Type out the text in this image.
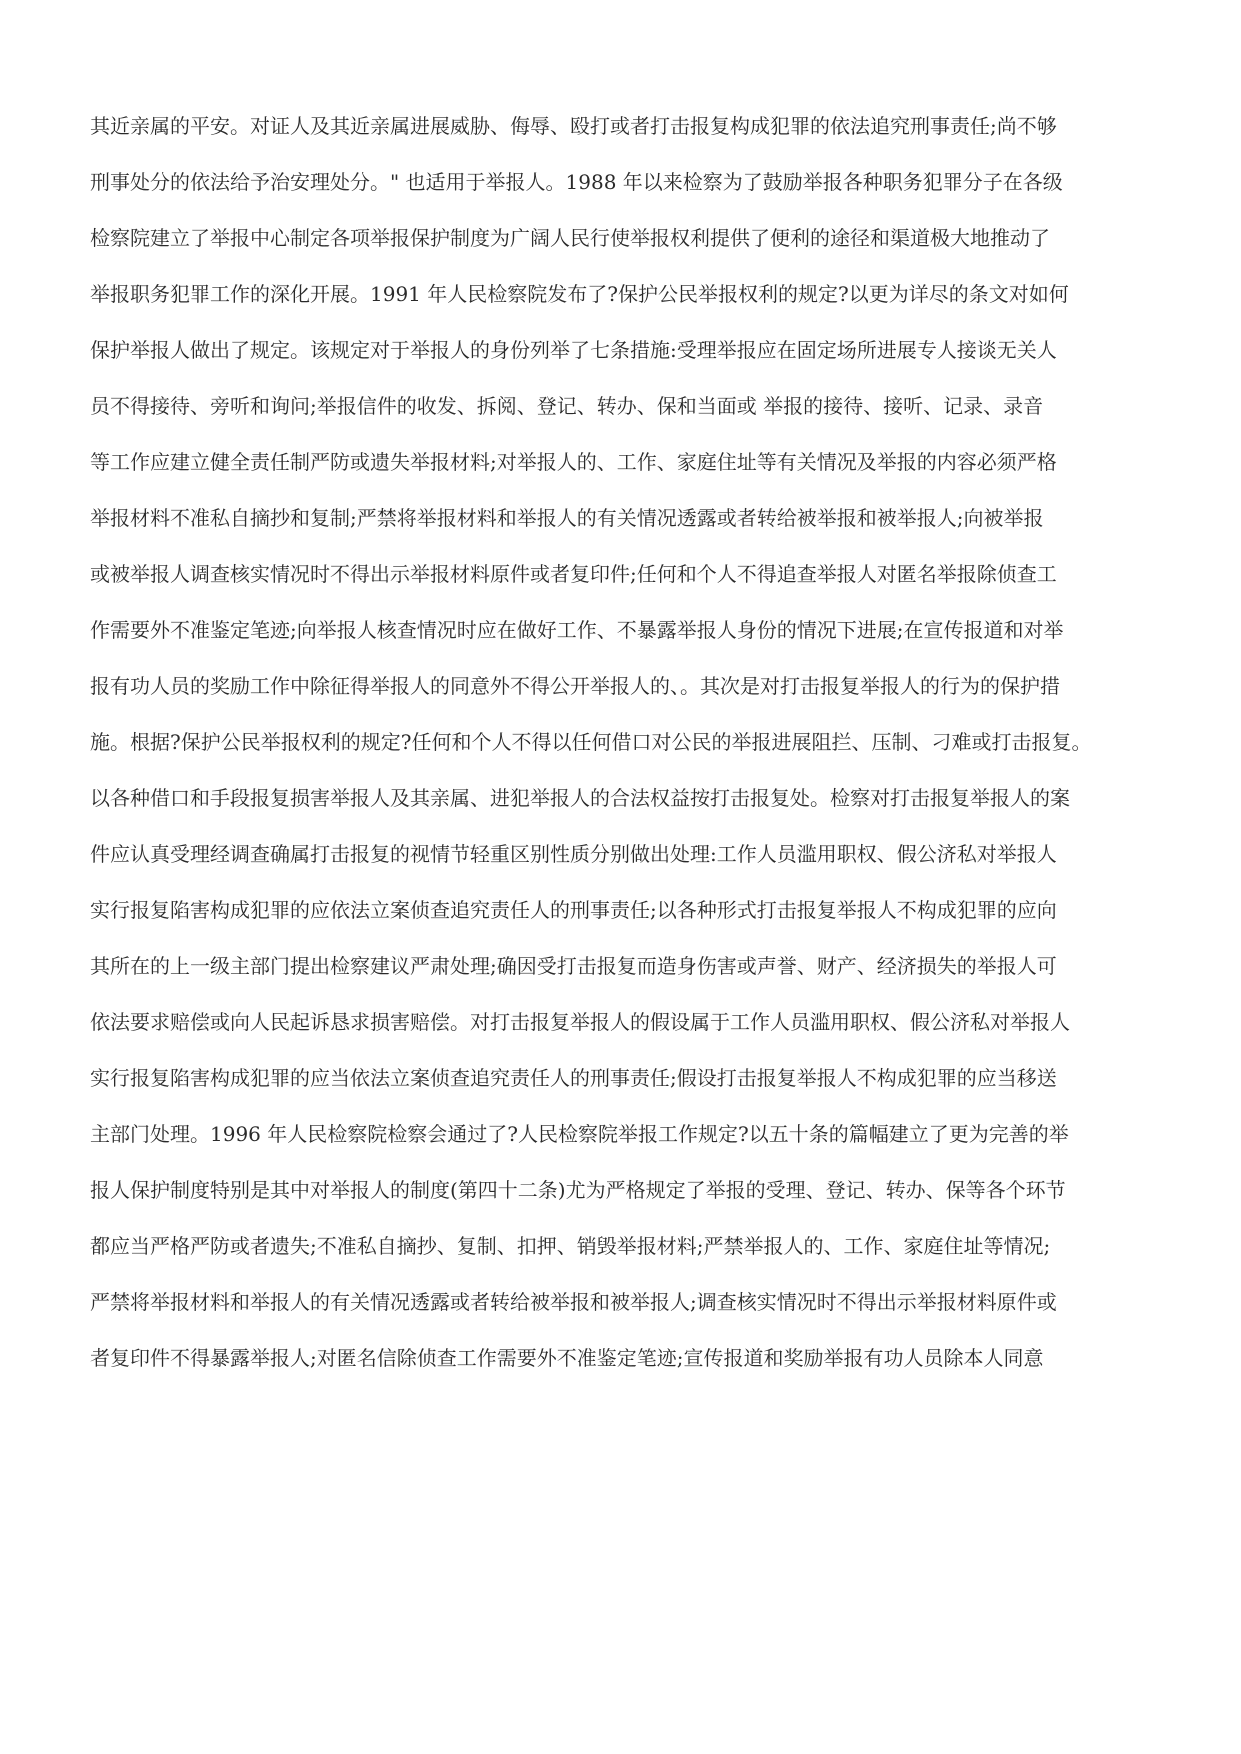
其近亲属的平安。对证人及其近亲属进展威胁、侮辱、殴打或者打击报复构成犯罪的依法追究刑事责任;尚不够

刑事处分的依法给予治安理处分。" 也适用于举报人。1988 年以来检察为了鼓励举报各种职务犯罪分子在各级

检察院建立了举报中心制定各项举报保护制度为广阔人民行使举报权利提供了便利的途径和渠道极大地推动了

举报职务犯罪工作的深化开展。1991 年人民检察院发布了?保护公民举报权利的规定?以更为详尽的条文对如何

保护举报人做出了规定。该规定对于举报人的身份列举了七条措施:受理举报应在固定场所进展专人接谈无关人

员不得接待、旁听和询问;举报信件的收发、拆阅、登记、转办、保和当面或 举报的接待、接听、记录、录音

等工作应建立健全责任制严防或遗失举报材料;对举报人的、工作、家庭住址等有关情况及举报的内容必须严格

举报材料不准私自摘抄和复制;严禁将举报材料和举报人的有关情况透露或者转给被举报和被举报人;向被举报

或被举报人调查核实情况时不得出示举报材料原件或者复印件;任何和个人不得追查举报人对匿名举报除侦查工

作需要外不准鉴定笔迹;向举报人核查情况时应在做好工作、不暴露举报人身份的情况下进展;在宣传报道和对举

报有功人员的奖励工作中除征得举报人的同意外不得公开举报人的、。其次是对打击报复举报人的行为的保护措

施。根据?保护公民举报权利的规定?任何和个人不得以任何借口对公民的举报进展阻拦、压制、刁难或打击报复。

以各种借口和手段报复损害举报人及其亲属、进犯举报人的合法权益按打击报复处。检察对打击报复举报人的案

件应认真受理经调查确属打击报复的视情节轻重区别性质分别做出处理:工作人员滥用职权、假公济私对举报人

实行报复陷害构成犯罪的应依法立案侦查追究责任人的刑事责任;以各种形式打击报复举报人不构成犯罪的应向

其所在的上一级主部门提出检察建议严肃处理;确因受打击报复而造身伤害或声誉、财产、经济损失的举报人可

依法要求赔偿或向人民起诉恳求损害赔偿。对打击报复举报人的假设属于工作人员滥用职权、假公济私对举报人

实行报复陷害构成犯罪的应当依法立案侦查追究责任人的刑事责任;假设打击报复举报人不构成犯罪的应当移送

主部门处理。1996 年人民检察院检察会通过了?人民检察院举报工作规定?以五十条的篇幅建立了更为完善的举

报人保护制度特别是其中对举报人的制度(第四十二条)尤为严格规定了举报的受理、登记、转办、保等各个环节

都应当严格严防或者遗失;不准私自摘抄、复制、扣押、销毁举报材料;严禁举报人的、工作、家庭住址等情况;

严禁将举报材料和举报人的有关情况透露或者转给被举报和被举报人;调查核实情况时不得出示举报材料原件或

者复印件不得暴露举报人;对匿名信除侦查工作需要外不准鉴定笔迹;宣传报道和奖励举报有功人员除本人同意
